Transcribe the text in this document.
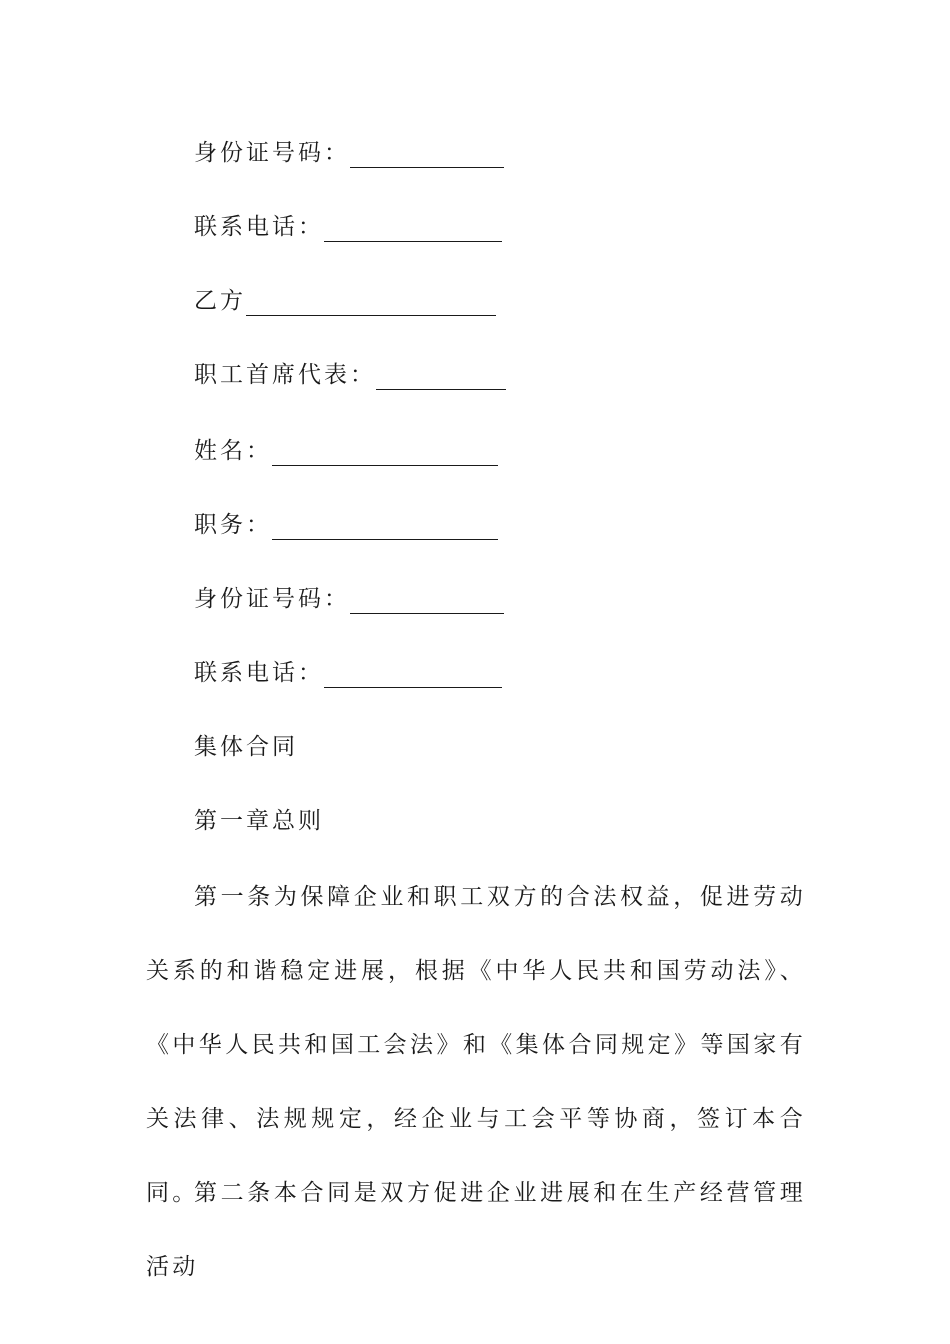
身份证号码：
联系电话：
乙方
职工首席代表：
姓名：
职务：
身份证号码：
联系电话：
集体合同
第一章总则

第一条为保障企业和职工双方的合法权益，促进劳动关系的和谐稳定进展，根据《中华人民共和国劳动法》、《中华人民共和国工会法》和《集体合同规定》等国家有关法律、法规规定，经企业与工会平等协商，签订本合同。

第二条本合同是双方促进企业进展和在生产经营管理活动
